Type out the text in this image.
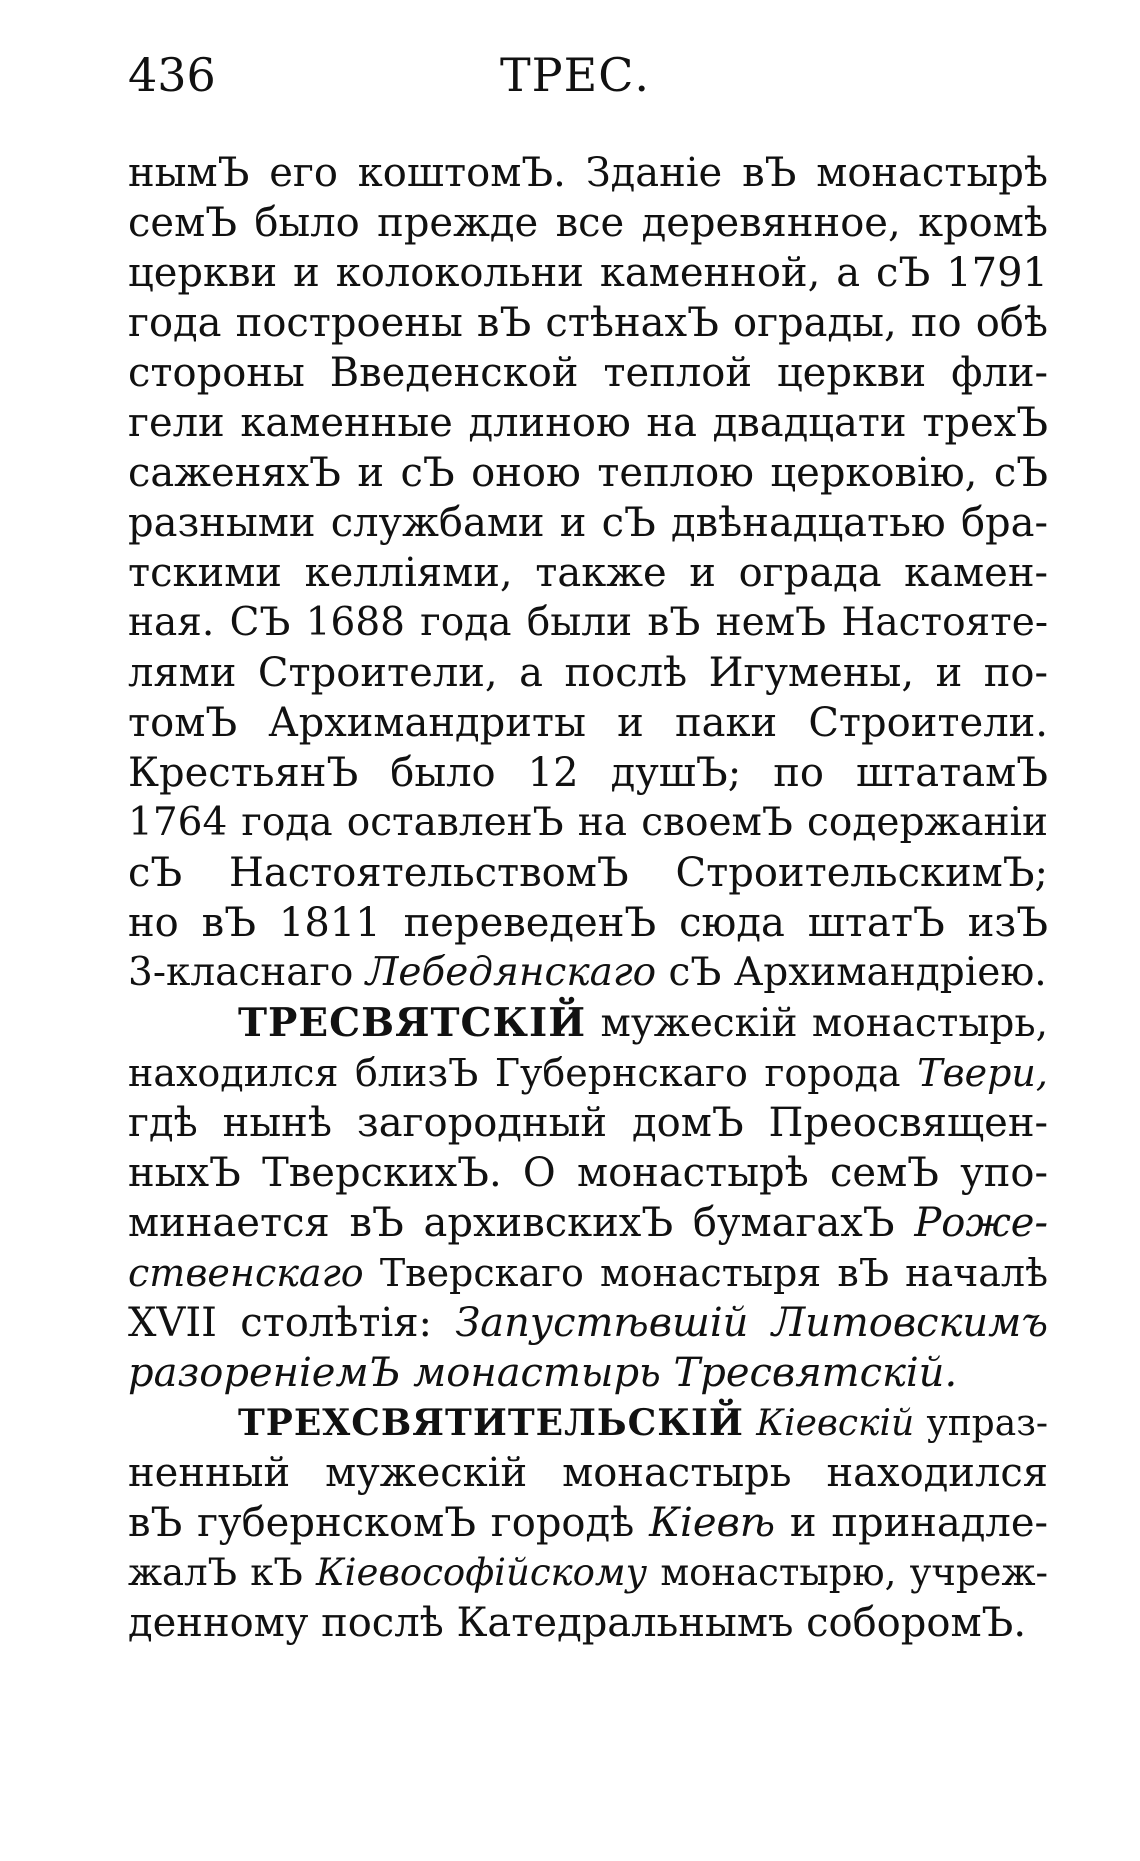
436	ТРЕС.
нымЪ его коштомЪ. Зданіе вЪ монастырѣ
семЪ было прежде все деревянное, кромѣ
церкви и колокольни каменной, а сЪ 1791
года построены вЪ стѣнахЪ ограды, по обѣ
стороны Введенской теплой церкви фли-
гели каменные длиною на двадцати трехЪ
саженяхЪ и сЪ оною теплою церковію, сЪ
разными службами и сЪ двѣнадцатью бра-
тскими келліями, также и ограда камен-
ная. СЪ 1688 года были вЪ немЪ Настояте-
лями Строители, а послѣ Игумены, и по-
томЪ Архимандриты и паки Строители.
КрестьянЪ было 12 душЪ; по штатамЪ
1764 года оставленЪ на своемЪ содержаніи
сЪ НастоятельствомЪ СтроительскимЪ;
но вЪ 1811 переведенЪ сюда штатЪ изЪ
3-класнаго Лебедянскаго сЪ Архимандріею.
ТРЕСВЯТСКІЙ мужескій монастырь,
находился близЪ Губернскаго города Твери,
гдѣ нынѣ загородный домЪ Преосвящен-
ныхЪ ТверскихЪ. О монастырѣ семЪ упо-
минается вЪ архивскихЪ бумагахЪ Роже-
ственскаго Тверскаго монастыря вЪ началѣ
XVII столѣтія: Запустѣвшій Литовскимъ
разореніемЪ монастырь Тресвятскій.
ТРЕХСВЯТИТЕЛЬСКІЙ Кіевскій упраз-
ненный мужескій монастырь находился
вЪ губернскомЪ городѣ Кіевѣ и принадле-
жалЪ кЪ Кіевософійскому монастырю, учреж-
денному послѣ Катедральнымъ соборомЪ.
